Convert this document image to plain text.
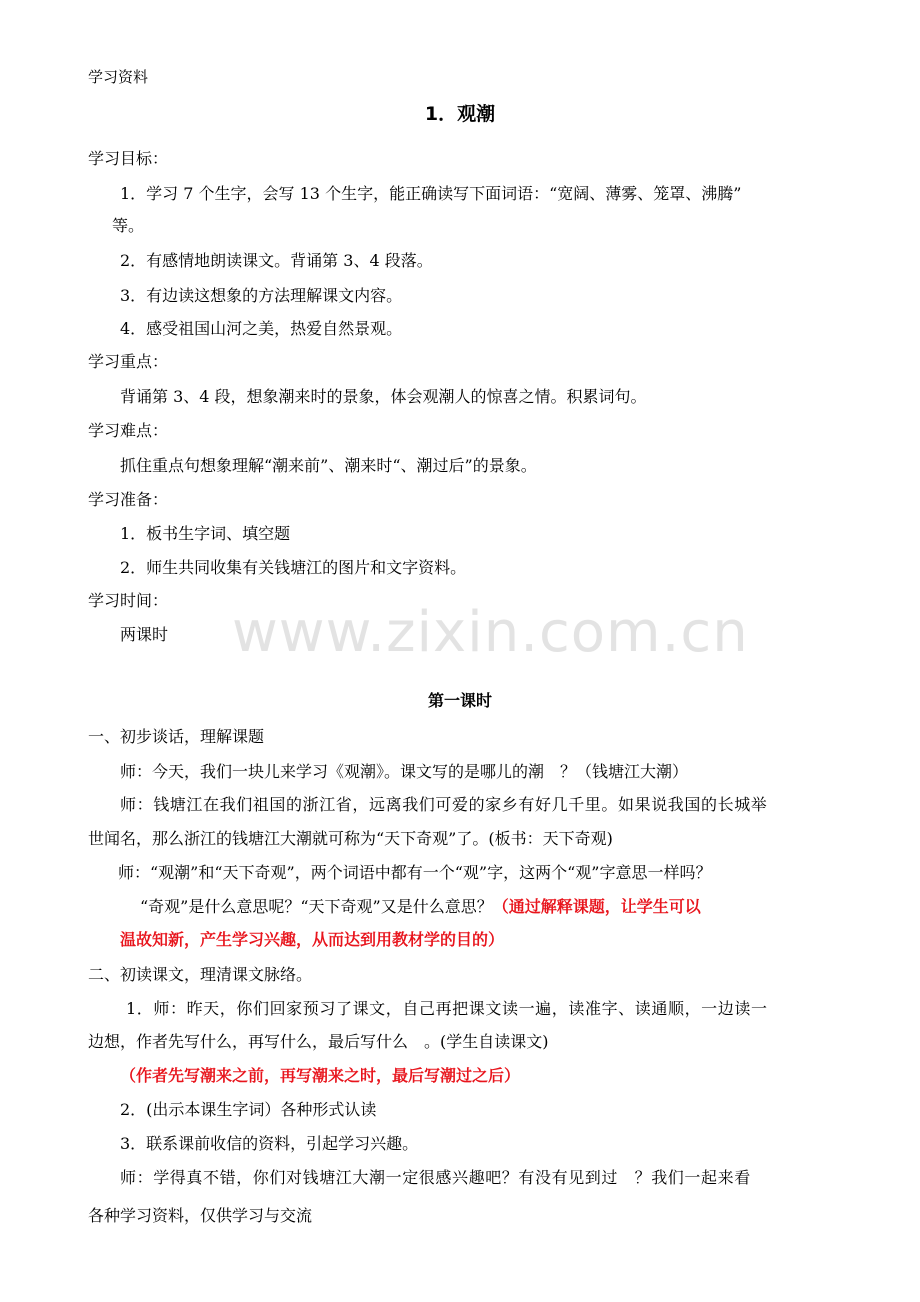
学习资料
1．观潮
学习目标：
1．学习 7 个生字，会写 13 个生字，能正确读写下面词语：“宽阔、薄雾、笼罩、沸腾”
等。
2．有感情地朗读课文。背诵第 3、4 段落。
3．有边读这想象的方法理解课文内容。
4．感受祖国山河之美，热爱自然景观。
学习重点：
背诵第 3、4 段，想象潮来时的景象，体会观潮人的惊喜之情。积累词句。
学习难点：
抓住重点句想象理解“潮来前”、潮来时“、潮过后”的景象。
学习准备：
1．板书生字词、填空题
2．师生共同收集有关钱塘江的图片和文字资料。
学习时间：
两课时 www.zixin.com.cn
第一课时
一、初步谈话，理解课题
师：今天，我们一块儿来学习《观潮》。课文写的是哪儿的潮　？（钱塘江大潮）
师：钱塘江在我们祖国的浙江省，远离我们可爱的家乡有好几千里。如果说我国的长城举
世闻名，那么浙江的钱塘江大潮就可称为“天下奇观”了。(板书：天下奇观)
师：“观潮”和“天下奇观”，两个词语中都有一个“观”字，这两个“观”字意思一样吗？
“奇观”是什么意思呢？“天下奇观”又是什么意思？（通过解释课题，让学生可以
温故知新，产生学习兴趣，从而达到用教材学的目的）
二、初读课文，理清课文脉络。
1．师：昨天，你们回家预习了课文，自己再把课文读一遍，读准字、读通顺，一边读一
边想，作者先写什么，再写什么，最后写什么　。(学生自读课文)
（作者先写潮来之前，再写潮来之时，最后写潮过之后）
2．(出示本课生字词）各种形式认读
3．联系课前收信的资料，引起学习兴趣。
师：学得真不错，你们对钱塘江大潮一定很感兴趣吧？有没有见到过　？我们一起来看
各种学习资料，仅供学习与交流
